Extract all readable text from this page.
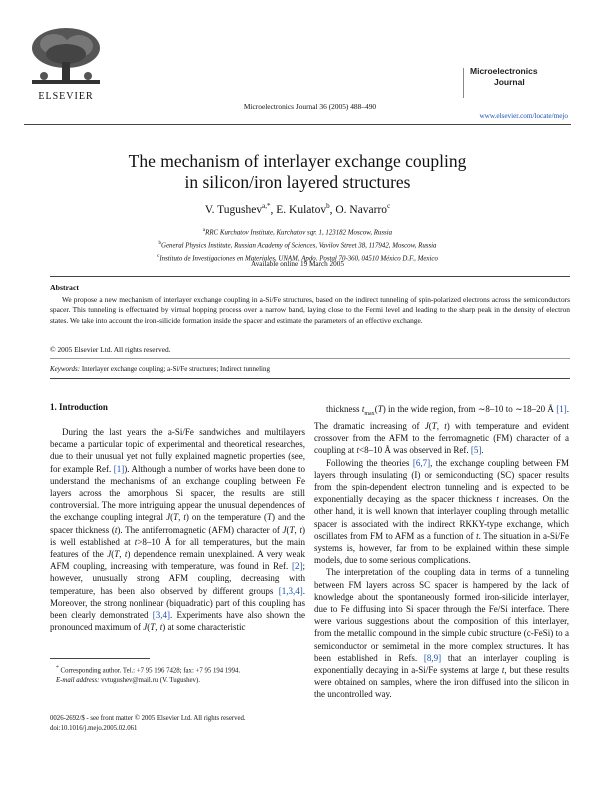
ELSEVIER
Microelectronics Journal 36 (2005) 488–490
Microelectronics
Journal
www.elsevier.com/locate/mejo
The mechanism of interlayer exchange coupling
in silicon/iron layered structures
V. Tugushev$^{a,*}$, E. Kulatov$^b$, O. Navarro$^c$
$^a$RRC Kurchatov Institute, Kurchatov sqr. 1, 123182 Moscow, Russia
$^b$General Physics Institute, Russian Academy of Sciences, Vavilov Street 38, 117942, Moscow, Russia
$^c$Instituto de Investigaciones en Materiales, UNAM, Apdo. Postal 70-360, 04510 México D.F., Mexico
Available online 19 March 2005
Abstract

We propose a new mechanism of interlayer exchange coupling in a-Si/Fe structures, based on the indirect tunneling of spin-polarized electrons across the semiconductors spacer. This tunneling is effectuated by virtual hopping process over a narrow band, laying close to the Fermi level and leading to the sharp peak in the density of electron states. We take into account the iron-silicide formation inside the spacer and estimate the parameters of an effective exchange.

© 2005 Elsevier Ltd. All rights reserved.
Keywords: Interlayer exchange coupling; a-Si/Fe structures; Indirect tunneling
1. Introduction

During the last years the a-Si/Fe sandwiches and multilayers became a particular topic of experimental and theoretical researches, due to their unusual yet not fully explained magnetic properties (see, for example Ref. [1]). Although a number of works have been done to understand the mechanisms of an exchange coupling between Fe layers across the amorphous Si spacer, the results are still controversial. The more intriguing appear the unusual dependences of the exchange coupling integral J(T, t) on the temperature (T) and the spacer thickness (t). The antiferromagnetic (AFM) character of J(T, t) is well established at t>8–10 Å for all temperatures, but the main features of the J(T, t) dependence remain unexplained. A very weak AFM coupling, increasing with temperature, was found in Ref. [2]; however, unusually strong AFM coupling, decreasing with temperature, has been also observed by different groups [1,3,4]. Moreover, the strong nonlinear (biquadratic) part of this coupling has been clearly demonstrated [3,4]. Experiments have also shown the pronounced maximum of J(T, t) at some characteristic

thickness $t_{max}(T)$ in the wide region, from ∼8–10 to ∼18–20 Å [1]. The dramatic increasing of J(T, t) with temperature and evident crossover from the AFM to the ferromagnetic (FM) character of a coupling at t<8–10 Å was observed in Ref. [5].

Following the theories [6,7], the exchange coupling between FM layers through insulating (I) or semiconducting (SC) spacer results from the spin-dependent electron tunneling and is expected to be exponentially decaying as the spacer thickness t increases. On the other hand, it is well known that interlayer coupling through metallic spacer is associated with the indirect RKKY-type exchange, which oscillates from FM to AFM as a function of t. The situation in a-Si/Fe systems is, however, far from to be explained within these simple models, due to some serious complications.

The interpretation of the coupling data in terms of a tunneling between FM layers across SC spacer is hampered by the lack of knowledge about the spontaneously formed iron-silicide interlayer, due to Fe diffusing into Si spacer through the Fe/Si interface. There were various suggestions about the composition of this interlayer, from the metallic compound in the simple cubic structure (c-FeSi) to a semiconductor or semimetal in the more complex structures. It has been established in Refs. [8,9] that an interlayer coupling is exponentially decaying in a-Si/Fe systems at large t, but these results were obtained on samples, where the iron diffused into the silicon in the uncontrolled way.

* Corresponding author. Tel.: +7 95 196 7428; fax: +7 95 194 1994.

E-mail address: vvtugushev@mail.ru (V. Tugushev).

0026-2692/$ - see front matter © 2005 Elsevier Ltd. All rights reserved.
doi:10.1016/j.mejo.2005.02.061
